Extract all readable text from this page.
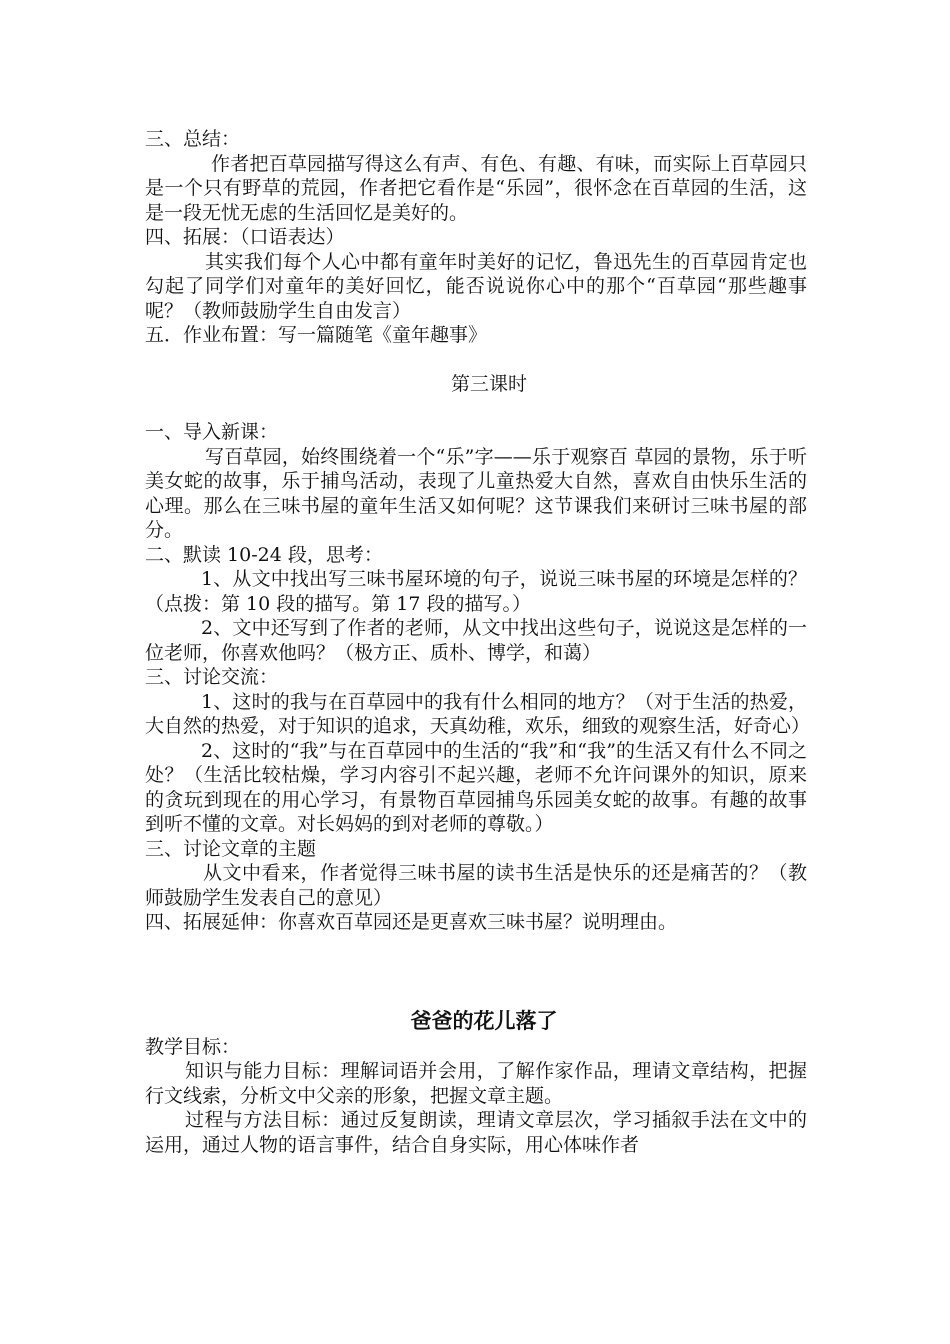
三、总结：

作者把百草园描写得这么有声、有色、有趣、有味，而实际上百草园只是一个只有野草的荒园，作者把它看作是“乐园”，很怀念在百草园的生活，这是一段无忧无虑的生活回忆是美好的。

四、拓展：（口语表达）

其实我们每个人心中都有童年时美好的记忆，鲁迅先生的百草园肯定也勾起了同学们对童年的美好回忆，能否说说你心中的那个“百草园“那些趣事呢？（教师鼓励学生自由发言）

五．作业布置：写一篇随笔《童年趣事》

第三课时

一、导入新课：

写百草园，始终围绕着一个“乐”字——乐于观察百 草园的景物，乐于听美女蛇的故事，乐于捕鸟活动，表现了儿童热爱大自然，喜欢自由快乐生活的心理。那么在三味书屋的童年生活又如何呢？这节课我们来研讨三味书屋的部分。

二、默读 10-24 段，思考：

1、从文中找出写三味书屋环境的句子，说说三味书屋的环境是怎样的？（点拨：第 10 段的描写。第 17 段的描写。）

2、文中还写到了作者的老师，从文中找出这些句子，说说这是怎样的一位老师，你喜欢他吗？（极方正、质朴、博学，和蔼）

三、讨论交流：

1、这时的我与在百草园中的我有什么相同的地方？（对于生活的热爱，大自然的热爱，对于知识的追求，天真幼稚，欢乐，细致的观察生活，好奇心）

2、这时的“我”与在百草园中的生活的“我”和“我”的生活又有什么不同之处？（生活比较枯燥，学习内容引不起兴趣，老师不允许问课外的知识，原来的贪玩到现在的用心学习，有景物百草园捕鸟乐园美女蛇的故事。有趣的故事到听不懂的文章。对长妈妈的到对老师的尊敬。）

三、讨论文章的主题

从文中看来，作者觉得三味书屋的读书生活是快乐的还是痛苦的？（教师鼓励学生发表自己的意见）

四、拓展延伸：你喜欢百草园还是更喜欢三味书屋？说明理由。

爸爸的花儿落了

教学目标：

知识与能力目标：理解词语并会用，了解作家作品，理请文章结构，把握行文线索，分析文中父亲的形象，把握文章主题。

过程与方法目标：通过反复朗读，理请文章层次，学习插叙手法在文中的运用，通过人物的语言事件，结合自身实际，用心体味作者
